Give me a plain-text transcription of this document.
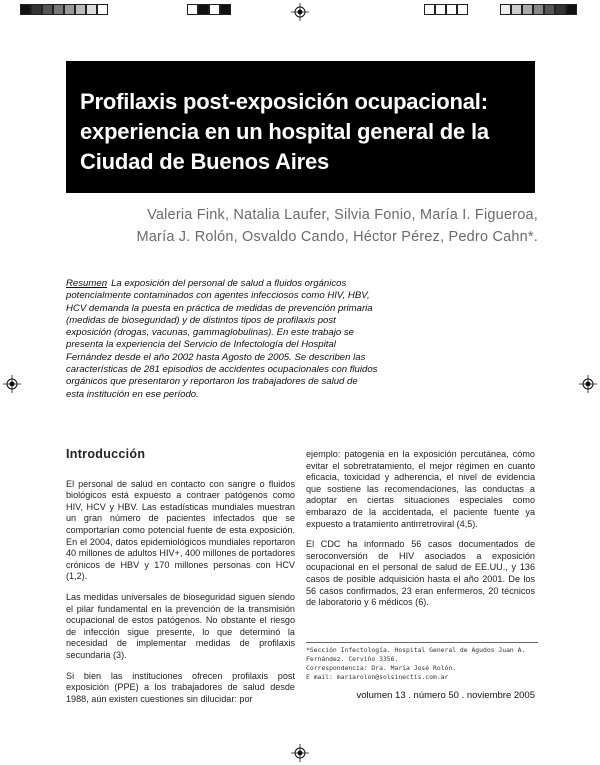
Profilaxis post-exposición ocupacional:
experiencia en un hospital general de la
Ciudad de Buenos Aires
Valeria Fink, Natalia Laufer, Silvia Fonio, María I. Figueroa,
María J. Rolón, Osvaldo Cando, Héctor Pérez, Pedro Cahn*.

Resumen La exposición del personal de salud a fluidos orgánicos potencialmente contaminados con agentes infecciosos como HIV, HBV, HCV demanda la puesta en práctica de medidas de prevención primaria (medidas de bioseguridad) y de distintos tipos de profilaxis post exposición (drogas, vacunas, gammaglobulinas). En este trabajo se presenta la experiencia del Servicio de Infectología del Hospital Fernández desde el año 2002 hasta Agosto de 2005. Se describen las características de 281 episodios de accidentes ocupacionales con fluidos orgánicos que presentaron y reportaron los trabajadores de salud de esta institución en ese período.

Introducción

El personal de salud en contacto con sangre o fluidos biológicos está expuesto a contraer patógenos como HIV, HCV y HBV. Las estadísticas mundiales muestran un gran número de pacientes infectados que se comportarían como potencial fuente de esta exposición. En el 2004, datos epidemiológicos mundiales reportaron 40 millones de adultos HIV+, 400 millones de portadores crónicos de HBV y 170 millones personas con HCV (1,2).

Las medidas universales de bioseguridad siguen siendo el pilar fundamental en la prevención de la transmisión ocupacional de estos patógenos. No obstante el riesgo de infección sigue presente, lo que determinó la necesidad de implementar medidas de profilaxis secundaria (3).

Si bien las instituciones ofrecen profilaxis post exposición (PPE) a los trabajadores de salud desde 1988, aún existen cuestiones sin dilucidar: por

ejemplo: patogenia en la exposición percutánea, cómo evitar el sobretratamiento, el mejor régimen en cuanto eficacia, toxicidad y adherencia, el nivel de evidencia que sostiene las recomendaciones, las conductas a adoptar en ciertas situaciones especiales como embarazo de la accidentada, el paciente fuente ya expuesto a tratamiento antirretroviral (4,5).

El CDC ha informado 56 casos documentados de seroconversión de HIV asociados a exposición ocupacional en el personal de salud de EE.UU., y 136 casos de posible adquisición hasta el año 2001. De los 56 casos confirmados, 23 eran enfermeros, 20 técnicos de laboratorio y 6 médicos (6).

*Sección Infectología. Hospital General de Agudos Juan A.
Fernández. Cerviño 3356.
Correspondencia: Dra. María José Rolón.
E mail: mariarolon@solsinectis.com.ar
volumen 13 . número 50 . noviembre 2005
